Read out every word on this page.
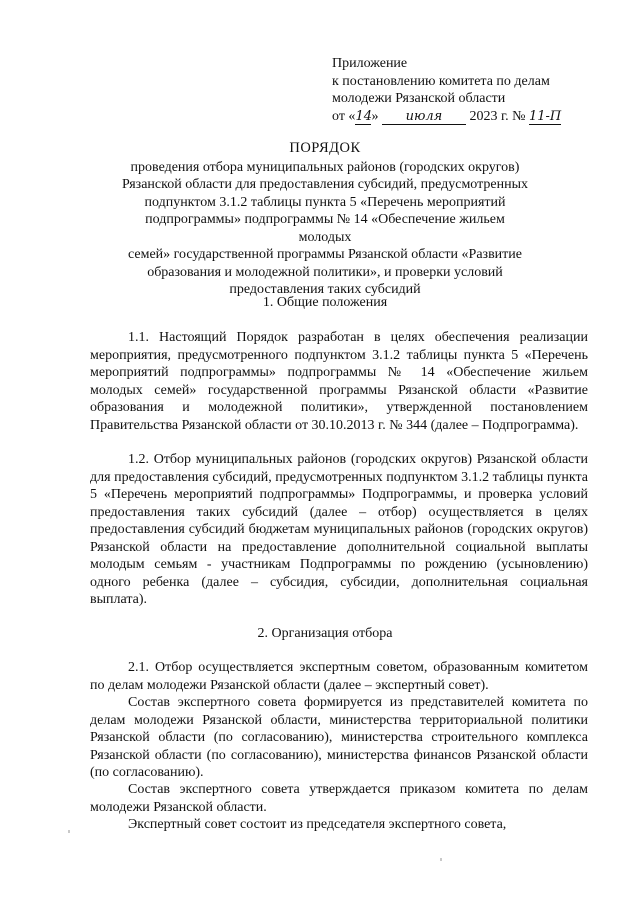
Приложение
к постановлению комитета по делам
молодежи Рязанской области
от «14» июля 2023 г. № 11-П
ПОРЯДОК
проведения отбора муниципальных районов (городских округов)
Рязанской области для предоставления субсидий, предусмотренных
подпунктом 3.1.2 таблицы пункта 5 «Перечень мероприятий
подпрограммы» подпрограммы № 14 «Обеспечение жильем молодых
семей» государственной программы Рязанской области «Развитие
образования и молодежной политики», и проверки условий
предоставления таких субсидий
1. Общие положения
1.1. Настоящий Порядок разработан в целях обеспечения реализации мероприятия, предусмотренного подпунктом 3.1.2 таблицы пункта 5 «Перечень мероприятий подпрограммы» подпрограммы № 14 «Обеспечение жильем молодых семей» государственной программы Рязанской области «Развитие образования и молодежной политики», утвержденной постановлением Правительства Рязанской области от 30.10.2013 г. № 344 (далее – Подпрограмма).
1.2. Отбор муниципальных районов (городских округов) Рязанской области для предоставления субсидий, предусмотренных подпунктом 3.1.2 таблицы пункта 5 «Перечень мероприятий подпрограммы» Подпрограммы, и проверка условий предоставления таких субсидий (далее – отбор) осуществляется в целях предоставления субсидий бюджетам муниципальных районов (городских округов) Рязанской области на предоставление дополнительной социальной выплаты молодым семьям - участникам Подпрограммы по рождению (усыновлению) одного ребенка (далее – субсидия, субсидии, дополнительная социальная выплата).
2. Организация отбора
2.1. Отбор осуществляется экспертным советом, образованным комитетом по делам молодежи Рязанской области (далее – экспертный совет).
Состав экспертного совета формируется из представителей комитета по делам молодежи Рязанской области, министерства территориальной политики Рязанской области (по согласованию), министерства строительного комплекса Рязанской области (по согласованию), министерства финансов Рязанской области (по согласованию).
Состав экспертного совета утверждается приказом комитета по делам молодежи Рязанской области.
Экспертный совет состоит из председателя экспертного совета,
